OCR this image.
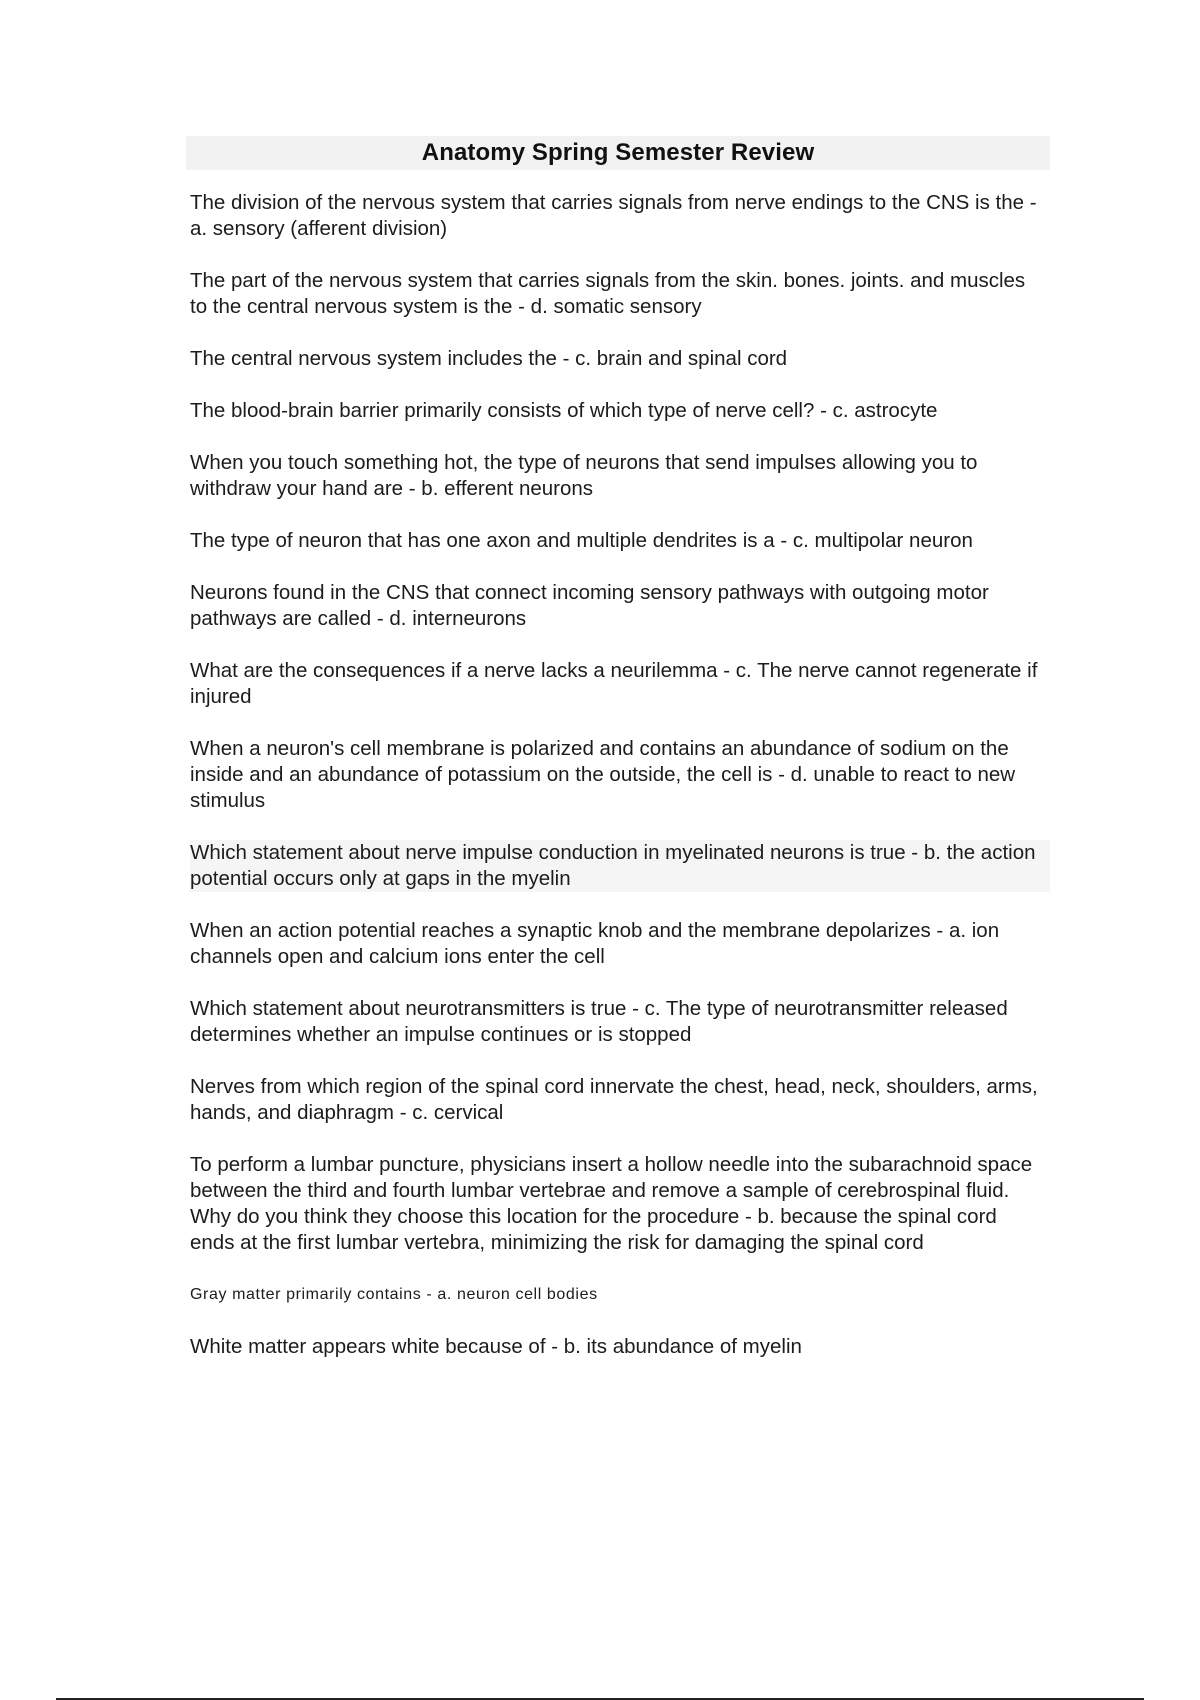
Anatomy Spring Semester Review

The division of the nervous system that carries signals from nerve endings to the CNS is the - a. sensory (afferent division)

The part of the nervous system that carries signals from the skin. bones. joints. and muscles to the central nervous system is the - d. somatic sensory

The central nervous system includes the - c. brain and spinal cord

The blood-brain barrier primarily consists of which type of nerve cell? - c. astrocyte

When you touch something hot, the type of neurons that send impulses allowing you to withdraw your hand are - b. efferent neurons

The type of neuron that has one axon and multiple dendrites is a - c. multipolar neuron

Neurons found in the CNS that connect incoming sensory pathways with outgoing motor pathways are called - d. interneurons

What are the consequences if a nerve lacks a neurilemma - c. The nerve cannot regenerate if injured

When a neuron's cell membrane is polarized and contains an abundance of sodium on the inside and an abundance of potassium on the outside, the cell is - d. unable to react to new stimulus

Which statement about nerve impulse conduction in myelinated neurons is true - b. the action potential occurs only at gaps in the myelin

When an action potential reaches a synaptic knob and the membrane depolarizes - a. ion channels open and calcium ions enter the cell

Which statement about neurotransmitters is true - c. The type of neurotransmitter released determines whether an impulse continues or is stopped

Nerves from which region of the spinal cord innervate the chest, head, neck, shoulders, arms, hands, and diaphragm - c. cervical

To perform a lumbar puncture, physicians insert a hollow needle into the subarachnoid space between the third and fourth lumbar vertebrae and remove a sample of cerebrospinal fluid. Why do you think they choose this location for the procedure - b. because the spinal cord ends at the first lumbar vertebra, minimizing the risk for damaging the spinal cord

Gray matter primarily contains - a. neuron cell bodies

White matter appears white because of - b. its abundance of myelin
